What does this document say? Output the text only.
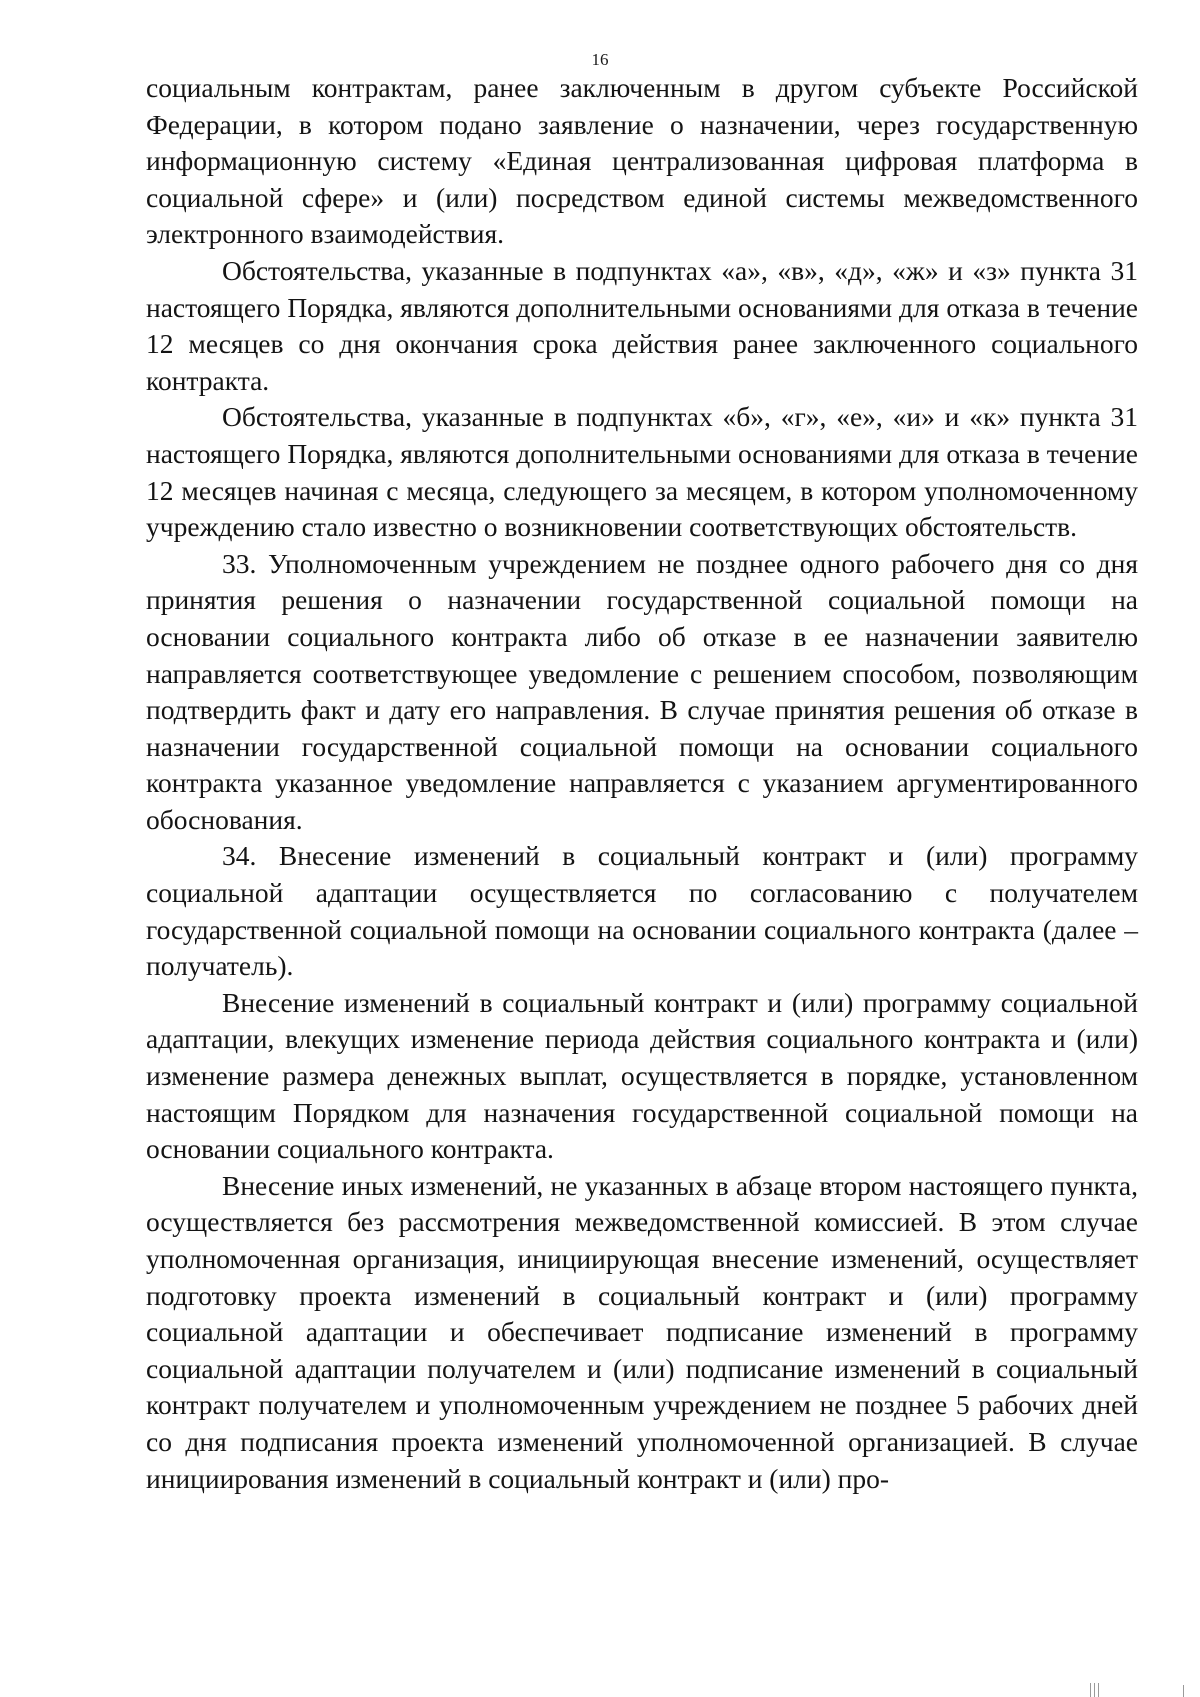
16

социальным контрактам, ранее заключенным в другом субъекте Российской Федерации, в котором подано заявление о назначении, через государственную информационную систему «Единая централизованная цифровая платформа в социальной сфере» и (или) посредством единой системы межведомственного электронного взаимодействия.

Обстоятельства, указанные в подпунктах «а», «в», «д», «ж» и «з» пункта 31 настоящего Порядка, являются дополнительными основаниями для отказа в течение 12 месяцев со дня окончания срока действия ранее заключенного социального контракта.

Обстоятельства, указанные в подпунктах «б», «г», «е», «и» и «к» пункта 31 настоящего Порядка, являются дополнительными основаниями для отказа в течение 12 месяцев начиная с месяца, следующего за месяцем, в котором уполномоченному учреждению стало известно о возникновении соответствующих обстоятельств.

33. Уполномоченным учреждением не позднее одного рабочего дня со дня принятия решения о назначении государственной социальной помощи на основании социального контракта либо об отказе в ее назначении заявителю направляется соответствующее уведомление с решением способом, позволяющим подтвердить факт и дату его направления. В случае принятия решения об отказе в назначении государственной социальной помощи на основании социального контракта указанное уведомление направляется с указанием аргументированного обоснования.

34. Внесение изменений в социальный контракт и (или) программу социальной адаптации осуществляется по согласованию с получателем государственной социальной помощи на основании социального контракта (далее – получатель).

Внесение изменений в социальный контракт и (или) программу социальной адаптации, влекущих изменение периода действия социального контракта и (или) изменение размера денежных выплат, осуществляется в порядке, установленном настоящим Порядком для назначения государственной социальной помощи на основании социального контракта.

Внесение иных изменений, не указанных в абзаце втором настоящего пункта, осуществляется без рассмотрения межведомственной комиссией. В этом случае уполномоченная организация, инициирующая внесение изменений, осуществляет подготовку проекта изменений в социальный контракт и (или) программу социальной адаптации и обеспечивает подписание изменений в программу социальной адаптации получателем и (или) подписание изменений в социальный контракт получателем и уполномоченным учреждением не позднее 5 рабочих дней со дня подписания проекта изменений уполномоченной организацией. В случае инициирования изменений в социальный контракт и (или) про-
